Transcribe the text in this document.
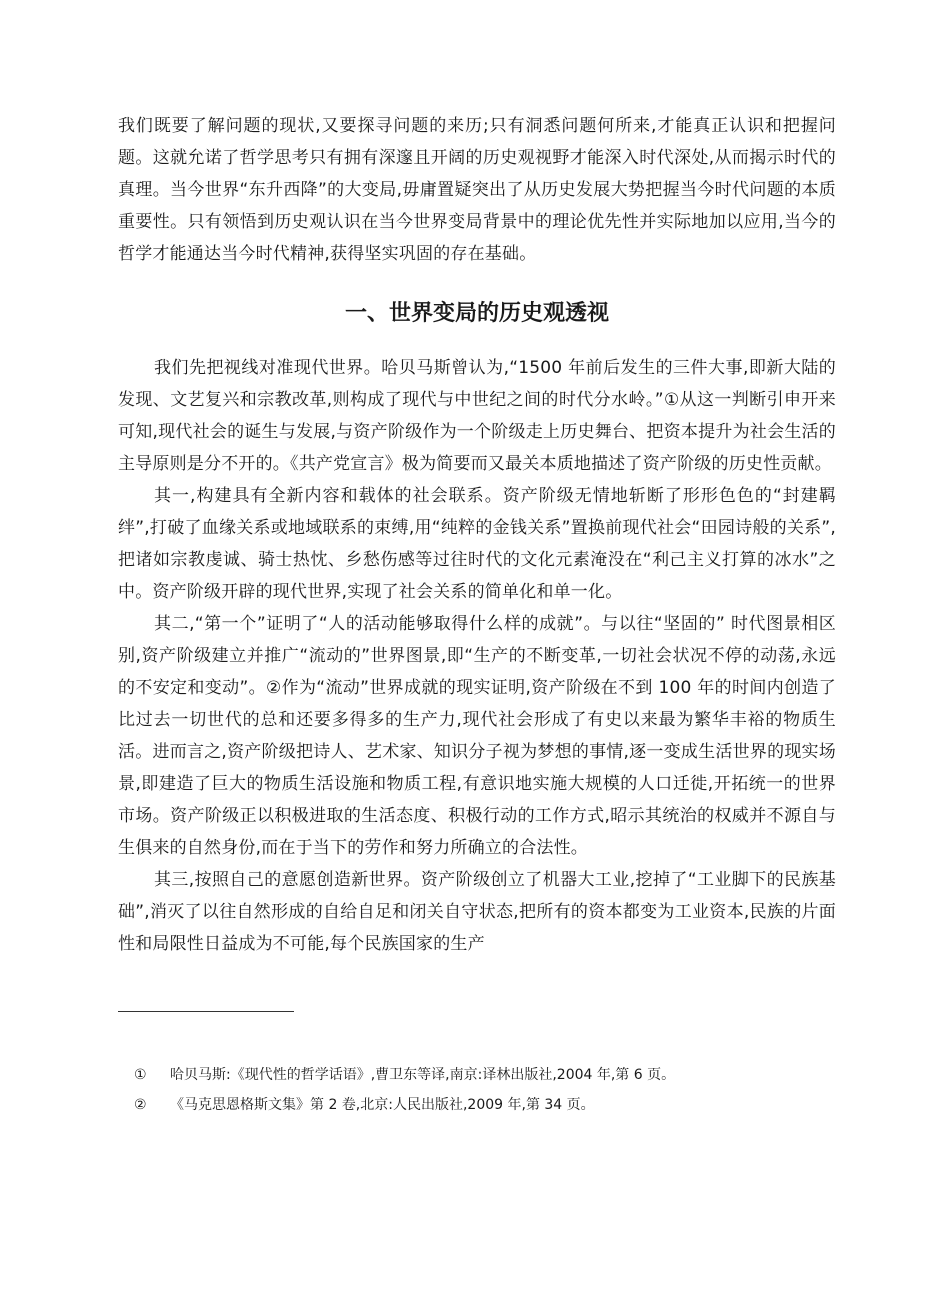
我们既要了解问题的现状,又要探寻问题的来历;只有洞悉问题何所来,才能真正认识和把握问题。这就允诺了哲学思考只有拥有深邃且开阔的历史观视野才能深入时代深处,从而揭示时代的真理。当今世界“东升西降”的大变局,毋庸置疑突出了从历史发展大势把握当今时代问题的本质重要性。只有领悟到历史观认识在当今世界变局背景中的理论优先性并实际地加以应用,当今的哲学才能通达当今时代精神,获得坚实巩固的存在基础。

一、世界变局的历史观透视

我们先把视线对准现代世界。哈贝马斯曾认为,“1500 年前后发生的三件大事,即新大陆的发现、文艺复兴和宗教改革,则构成了现代与中世纪之间的时代分水岭。”①从这一判断引申开来可知,现代社会的诞生与发展,与资产阶级作为一个阶级走上历史舞台、把资本提升为社会生活的主导原则是分不开的。《共产党宣言》极为简要而又最关本质地描述了资产阶级的历史性贡献。

其一,构建具有全新内容和载体的社会联系。资产阶级无情地斩断了形形色色的“封建羁绊”,打破了血缘关系或地域联系的束缚,用“纯粹的金钱关系”置换前现代社会“田园诗般的关系”,把诸如宗教虔诚、骑士热忱、乡愁伤感等过往时代的文化元素淹没在“利己主义打算的冰水”之中。资产阶级开辟的现代世界,实现了社会关系的简单化和单一化。

其二,“第一个”证明了“人的活动能够取得什么样的成就”。与以往“坚固的” 时代图景相区别,资产阶级建立并推广“流动的”世界图景,即“生产的不断变革,一切社会状况不停的动荡,永远的不安定和变动”。②作为“流动”世界成就的现实证明,资产阶级在不到 100 年的时间内创造了比过去一切世代的总和还要多得多的生产力,现代社会形成了有史以来最为繁华丰裕的物质生活。进而言之,资产阶级把诗人、艺术家、知识分子视为梦想的事情,逐一变成生活世界的现实场景,即建造了巨大的物质生活设施和物质工程,有意识地实施大规模的人口迁徙,开拓统一的世界市场。资产阶级正以积极进取的生活态度、积极行动的工作方式,昭示其统治的权威并不源自与生俱来的自然身份,而在于当下的劳作和努力所确立的合法性。

其三,按照自己的意愿创造新世界。资产阶级创立了机器大工业,挖掉了“工业脚下的民族基础”,消灭了以往自然形成的自给自足和闭关自守状态,把所有的资本都变为工业资本,民族的片面性和局限性日益成为不可能,每个民族国家的生产

①	哈贝马斯:《现代性的哲学话语》,曹卫东等译,南京:译林出版社,2004 年,第 6 页。
②	《马克思恩格斯文集》第 2 卷,北京:人民出版社,2009 年,第 34 页。
